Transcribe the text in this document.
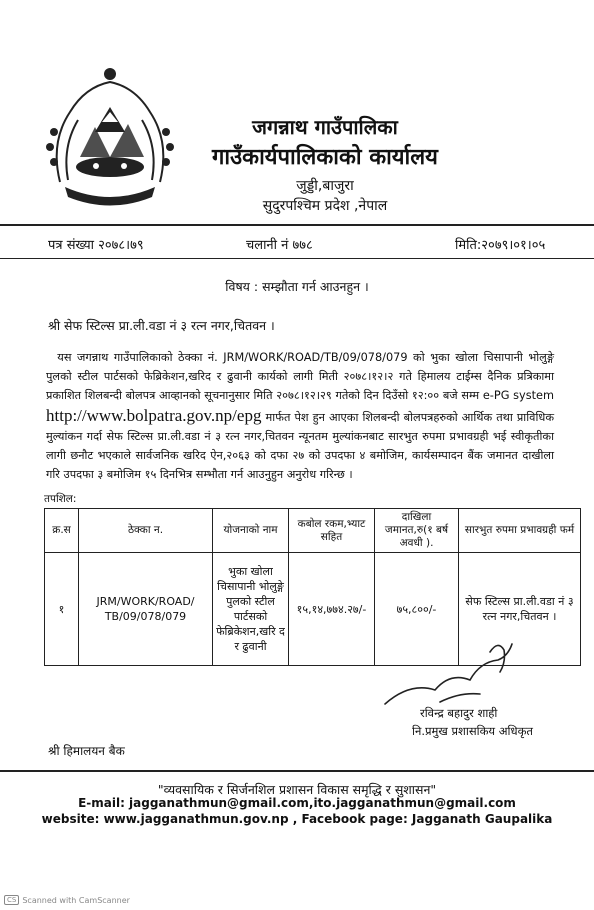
जगन्नाथ गाउँपालिका
गाउँकार्यपालिकाको कार्यालय
जुड्डी,बाजुरा
सुदुरपश्चिम प्रदेश ,नेपाल
पत्र संख्या २०७८।७९	चलानी नं ७७८	मिति:२०७९।०१।०५
विषय : सम्झौता गर्न आउनहुन ।
श्री सेफ स्टिल्स प्रा.ली.वडा नं ३ रत्न नगर,चितवन ।
 यस जगन्नाथ गाउँपालिकाको ठेक्का नं. JRM/WORK/ROAD/TB/09/078/079 को भुका खोला चिसापानी भोलुङ्गे पुलको स्टील पार्टसको फेब्रिकेशन,खरिद र ढुवानी कार्यको लागी मिती २०७८।१२।२ गते हिमालय टाईम्स दैनिक प्रत्रिकामा प्रकाशित शिलबन्दी बोलपत्र आव्हानको सूचनानुसार मिति २०७८।१२।२९ गतेको दिन दिउँसो १२:०० बजे सम्म e-PG system http://www.bolpatra.gov.np/epg मार्फत पेश हुन आएका शिलबन्दी बोलपत्रहरुको आर्थिक तथा प्राविधिक मुल्यांकन गर्दा सेफ स्टिल्स प्रा.ली.वडा नं ३ रत्न नगर,चितवन न्यूनतम मुल्यांकनबाट सारभुत रुपमा प्रभावग्रही भई स्वीकृतीका लागी छनौट भएकाले सार्वजनिक खरिद ऐन,२०६३ को दफा २७ को उपदफा ४ बमोजिम, कार्यसम्पादन बैंक जमानत दाखीला गरि उपदफा ३ बमोजिम १५ दिनभित्र सम्भौता गर्न आउनुहुन अनुरोध गरिन्छ ।
तपशिल:
क्र.स	ठेक्का न.	योजनाको नाम	कबोल रकम,भ्याट सहित	दाखिला जमानत,रु(१ बर्ष अवधी ).	सारभुत रुपमा प्रभावग्रही फर्म
१	JRM/WORK/ROAD/ TB/09/078/079	भुका खोला चिसापानी भोलुङ्गे पुलको स्टील पार्टसको फेब्रिकेशन,खरि द र ढुवानी	१५,१४,७७४.२७/-	७५,८००/-	सेफ स्टिल्स प्रा.ली.वडा नं ३ रत्न नगर,चितवन ।
रविन्द्र बहादुर शाही
नि.प्रमुख प्रशासकिय अधिकृत
श्री हिमालयन बैक
"व्यवसायिक र सिर्जनशिल प्रशासन विकास समृद्धि र सुशासन"
E-mail: jagganathmun@gmail.com,ito.jagganathmun@gmail.com
website: www.jagganathmun.gov.np , Facebook page: Jagganath Gaupalika
CS Scanned with CamScanner
